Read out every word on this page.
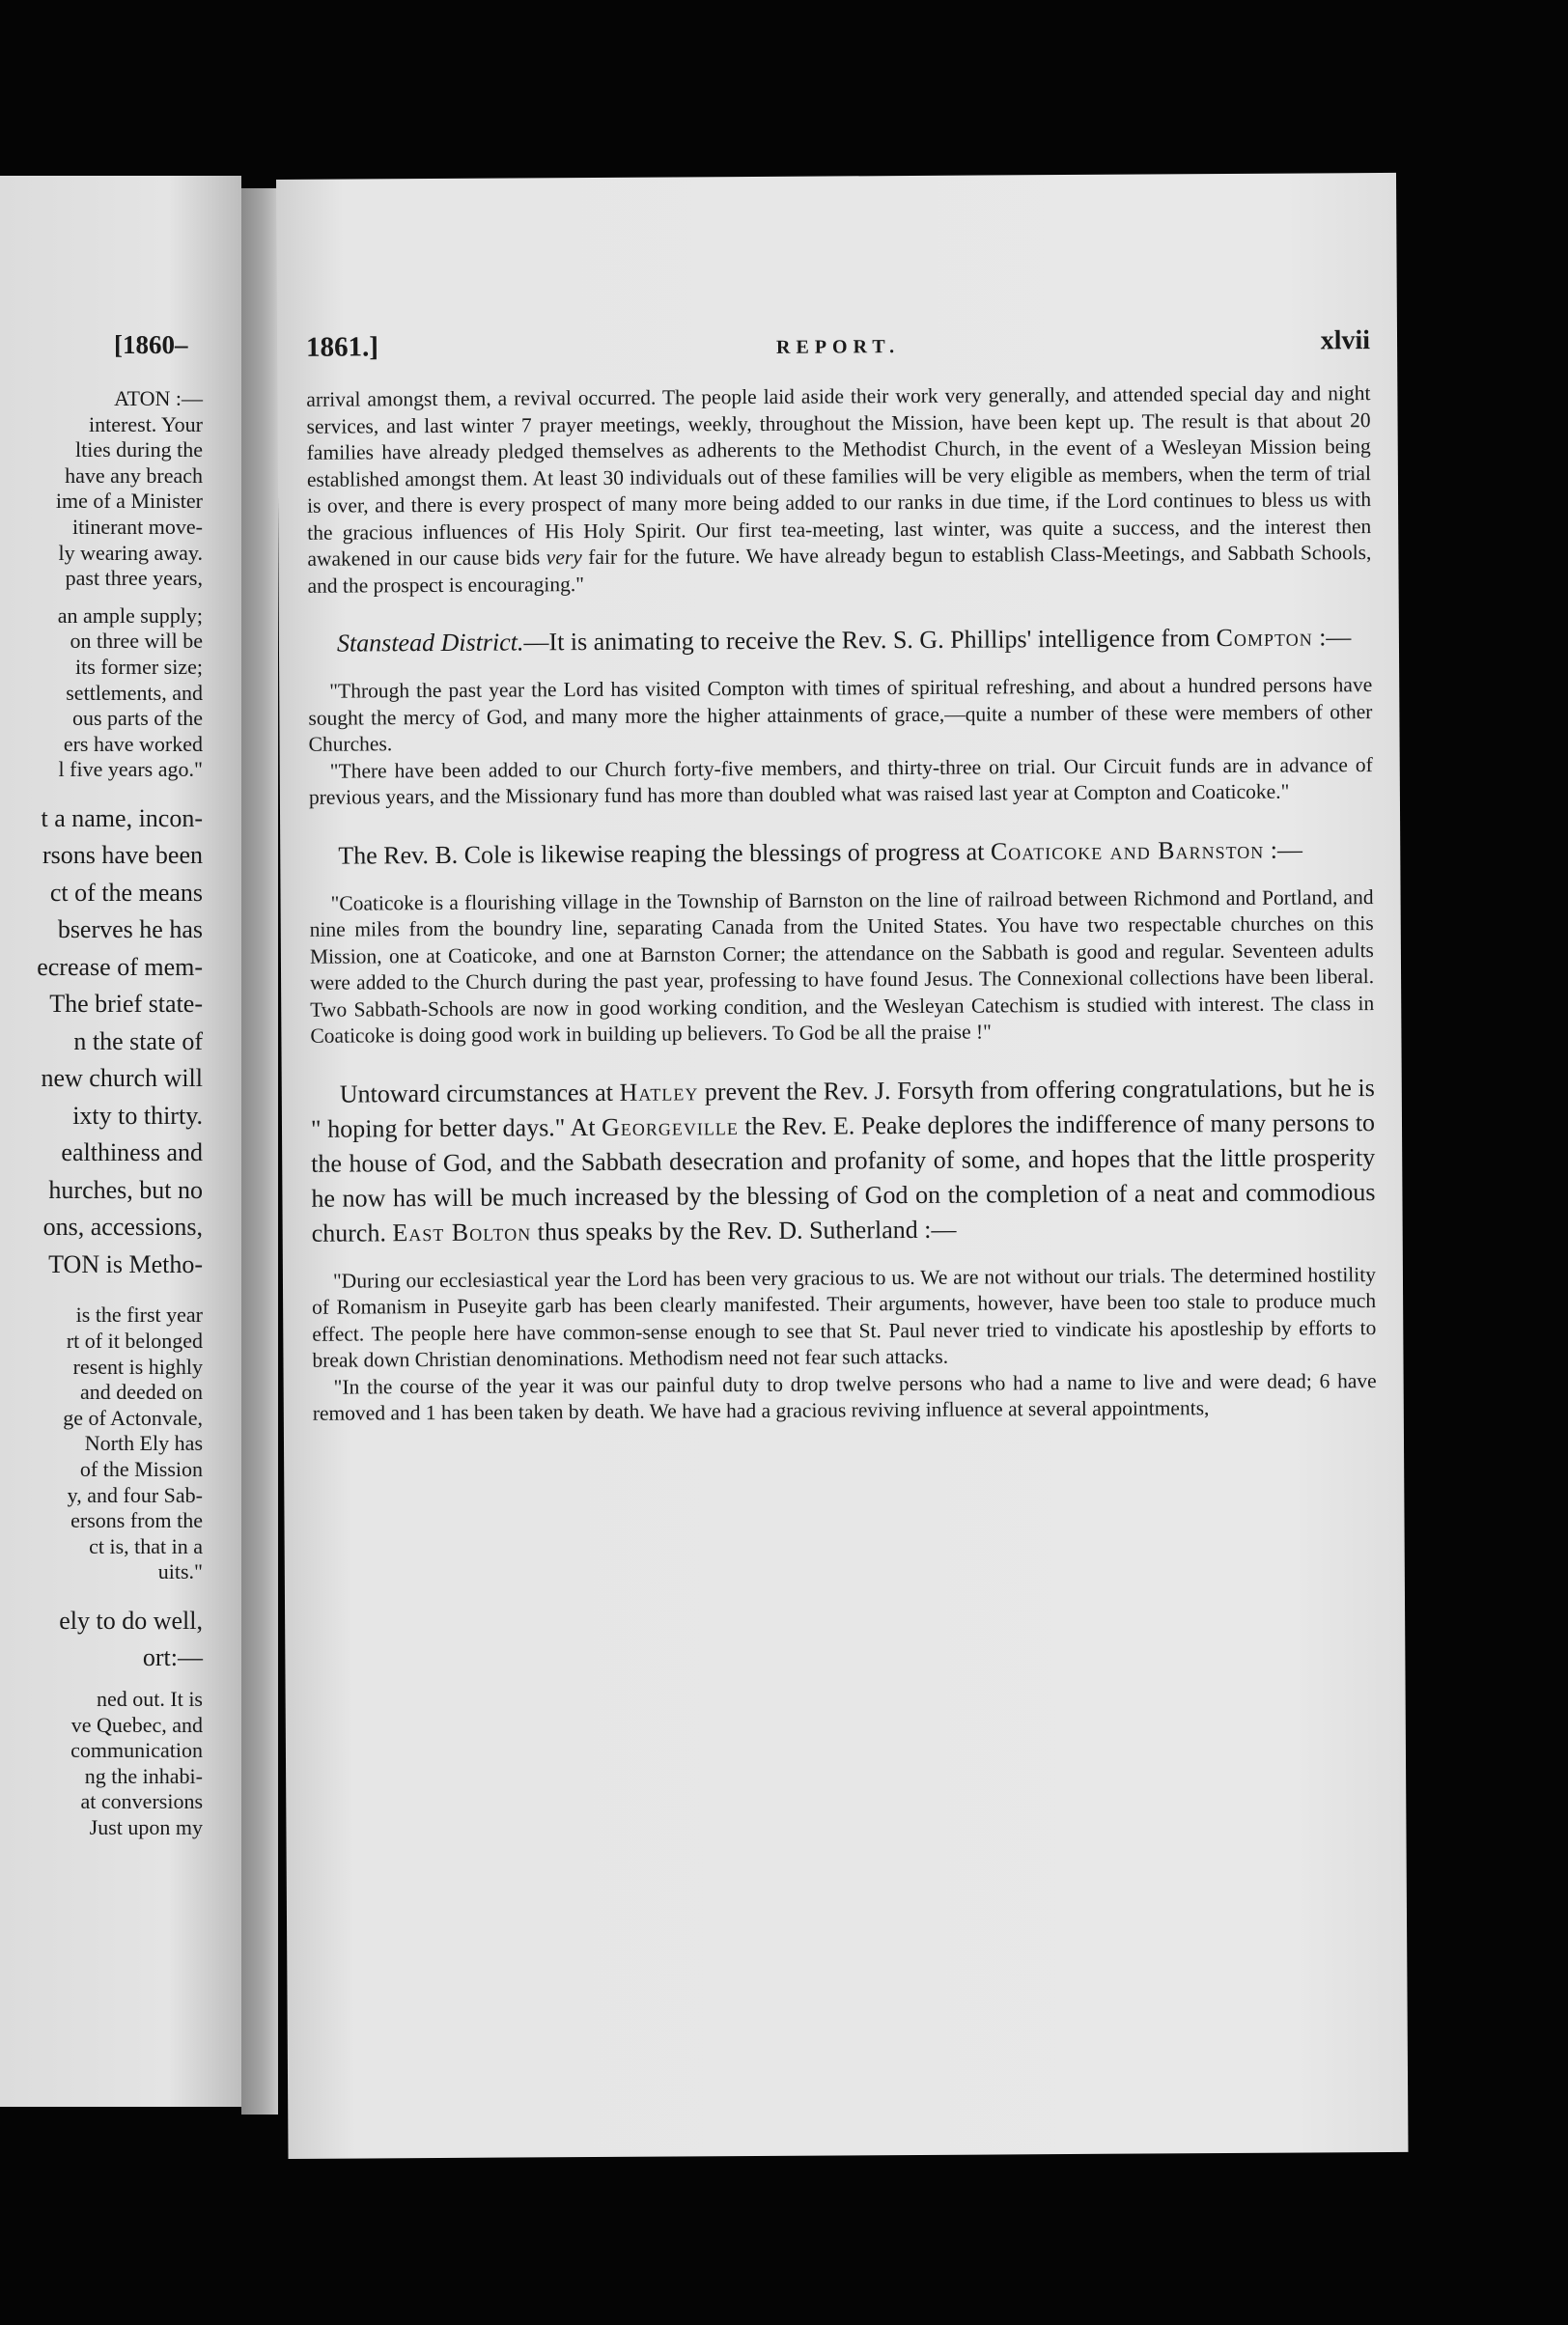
[1860–
ATON :—
interest. Your
lties during the
have any breach
ime of a Minister
itinerant move-
ly wearing away.
past three years,
an ample supply;
on three will be
its former size;
settlements, and
ous parts of the
ers have worked
l five years ago."
t a name, incon-
rsons have been
ct of the means
bserves he has
ecrease of mem-
The brief state-
n the state of
new church will
ixty to thirty.
ealthiness and
hurches, but no
ons, accessions,
TON is Metho-
is the first year
rt of it belonged
resent is highly
and deeded on
ge of Actonvale,
North Ely has
of the Mission
y, and four Sab-
ersons from the
ct is, that in a
uits."
ely to do well,
ort:—
ned out. It is
ve Quebec, and
communication
ng the inhabi-
at conversions
Just upon my
1861.]	REPORT.	xlvii

arrival amongst them, a revival occurred. The people laid aside their work very generally, and attended special day and night services, and last winter 7 prayer meetings, weekly, throughout the Mission, have been kept up. The result is that about 20 families have already pledged themselves as adherents to the Methodist Church, in the event of a Wesleyan Mission being established amongst them. At least 30 individuals out of these families will be very eligible as members, when the term of trial is over, and there is every prospect of many more being added to our ranks in due time, if the Lord continues to bless us with the gracious influences of His Holy Spirit. Our first tea-meeting, last winter, was quite a success, and the interest then awakened in our cause bids very fair for the future. We have already begun to establish Class-Meetings, and Sabbath Schools, and the prospect is encouraging."

Stanstead District.—It is animating to receive the Rev. S. G. Phillips' intelligence from Compton :—

"Through the past year the Lord has visited Compton with times of spiritual refreshing, and about a hundred persons have sought the mercy of God, and many more the higher attainments of grace,—quite a number of these were members of other Churches.

"There have been added to our Church forty-five members, and thirty-three on trial. Our Circuit funds are in advance of previous years, and the Missionary fund has more than doubled what was raised last year at Compton and Coaticoke."

The Rev. B. Cole is likewise reaping the blessings of progress at Coaticoke and Barnston :—

"Coaticoke is a flourishing village in the Township of Barnston on the line of railroad between Richmond and Portland, and nine miles from the boundry line, separating Canada from the United States. You have two respectable churches on this Mission, one at Coaticoke, and one at Barnston Corner; the attendance on the Sabbath is good and regular. Seventeen adults were added to the Church during the past year, professing to have found Jesus. The Connexional collections have been liberal. Two Sabbath-Schools are now in good working condition, and the Wesleyan Catechism is studied with interest. The class in Coaticoke is doing good work in building up believers. To God be all the praise !"

Untoward circumstances at Hatley prevent the Rev. J. Forsyth from offering congratulations, but he is " hoping for better days." At Georgeville the Rev. E. Peake deplores the indifference of many persons to the house of God, and the Sabbath desecration and profanity of some, and hopes that the little prosperity he now has will be much increased by the blessing of God on the completion of a neat and commodious church. East Bolton thus speaks by the Rev. D. Sutherland :—

"During our ecclesiastical year the Lord has been very gracious to us. We are not without our trials. The determined hostility of Romanism in Puseyite garb has been clearly manifested. Their arguments, however, have been too stale to produce much effect. The people here have common-sense enough to see that St. Paul never tried to vindicate his apostleship by efforts to break down Christian denominations. Methodism need not fear such attacks.

"In the course of the year it was our painful duty to drop twelve persons who had a name to live and were dead; 6 have removed and 1 has been taken by death. We have had a gracious reviving influence at several appointments,
